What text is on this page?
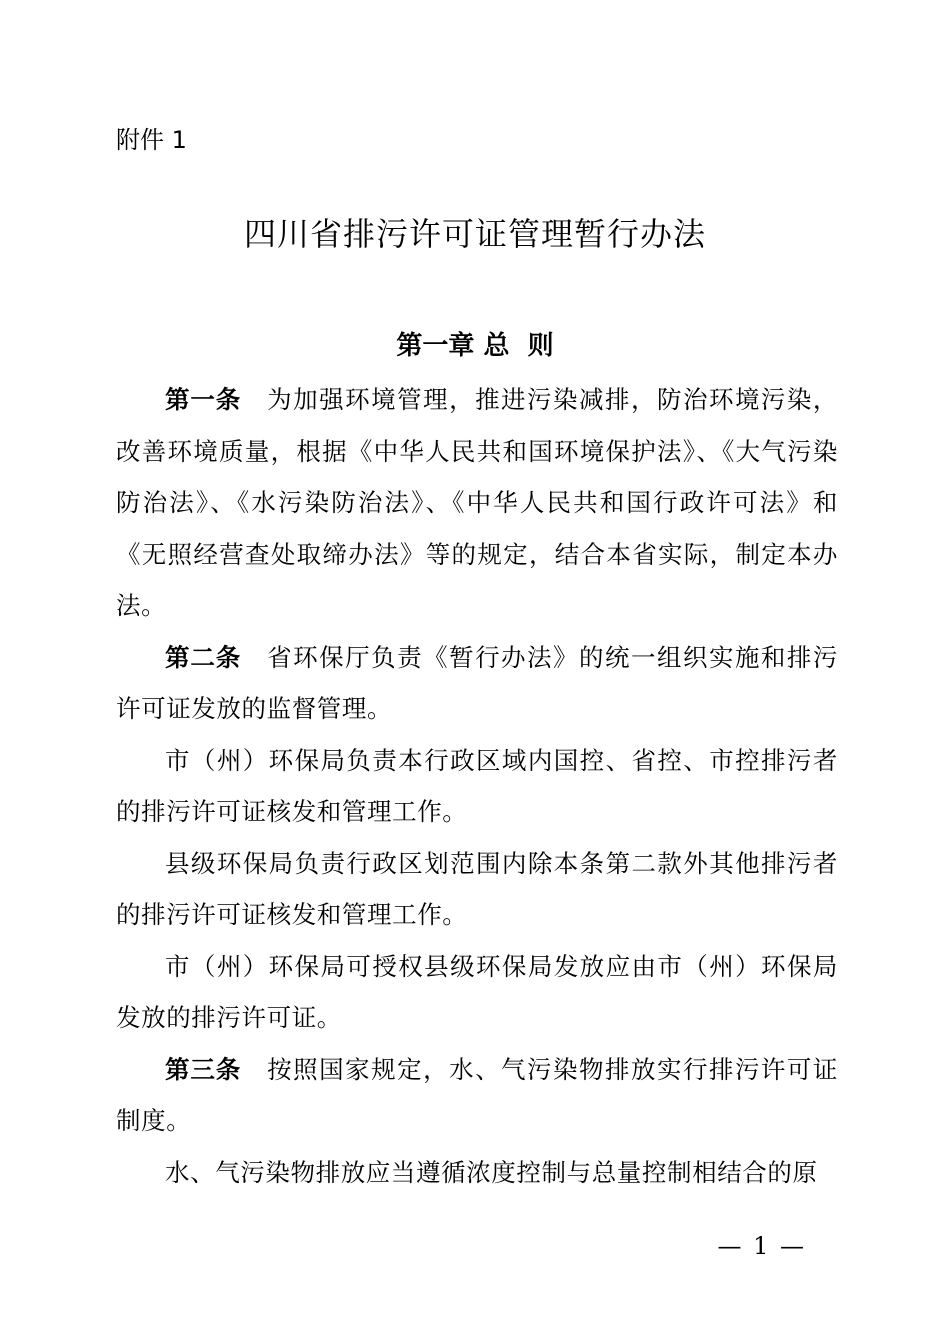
附件 1
四川省排污许可证管理暂行办法
第一章 总  则

第一条 为加强环境管理，推进污染减排，防治环境污染，改善环境质量，根据《中华人民共和国环境保护法》、《大气污染防治法》、《水污染防治法》、《中华人民共和国行政许可法》和《无照经营查处取缔办法》等的规定，结合本省实际，制定本办法。

第二条 省环保厅负责《暂行办法》的统一组织实施和排污许可证发放的监督管理。

市（州）环保局负责本行政区域内国控、省控、市控排污者的排污许可证核发和管理工作。

县级环保局负责行政区划范围内除本条第二款外其他排污者的排污许可证核发和管理工作。

市（州）环保局可授权县级环保局发放应由市（州）环保局发放的排污许可证。

第三条 按照国家规定，水、气污染物排放实行排污许可证制度。

水、气污染物排放应当遵循浓度控制与总量控制相结合的原

— 1 —
